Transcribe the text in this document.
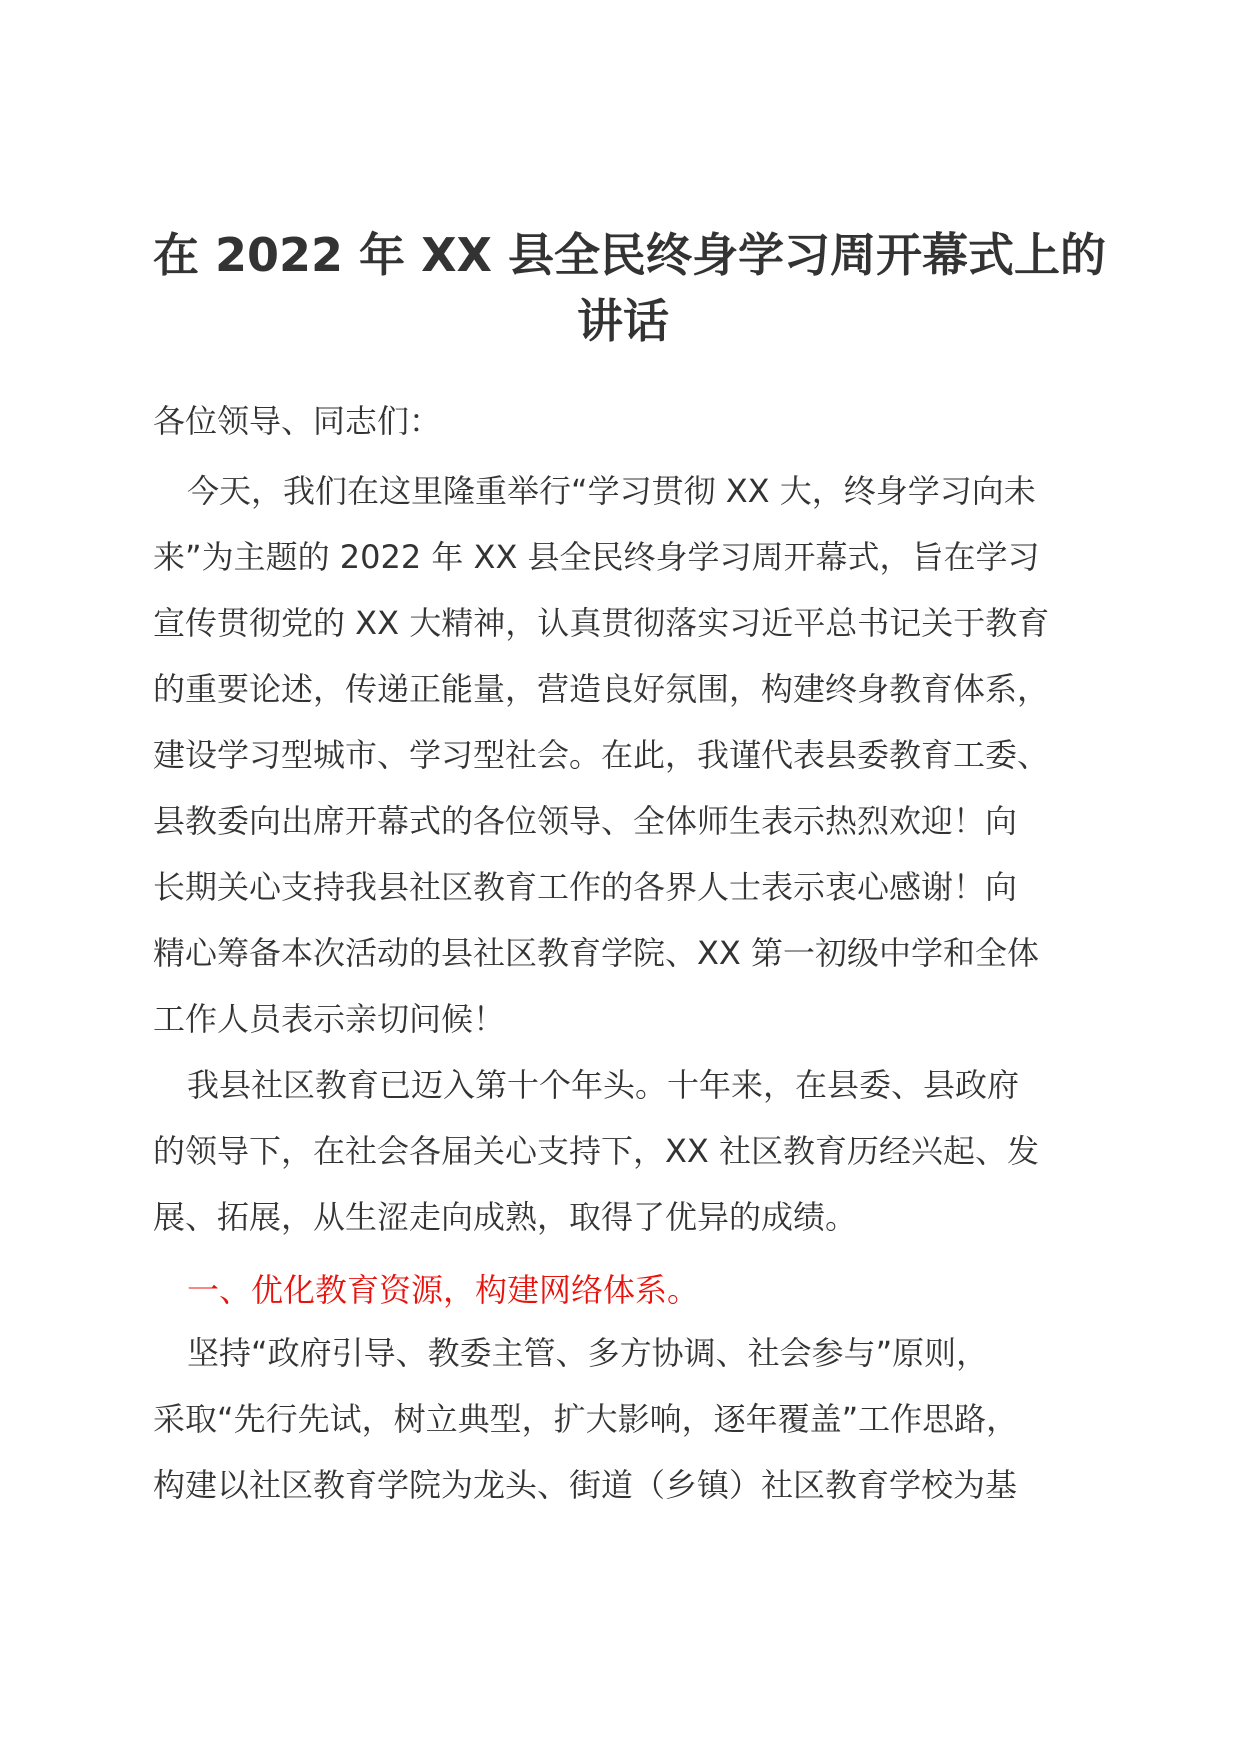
在 2022 年 XX 县全民终身学习周开幕式上的
讲话

各位领导、同志们：

今天，我们在这里隆重举行“学习贯彻 XX 大，终身学习向未
来”为主题的 2022 年 XX 县全民终身学习周开幕式，旨在学习
宣传贯彻党的 XX 大精神，认真贯彻落实习近平总书记关于教育
的重要论述，传递正能量，营造良好氛围，构建终身教育体系，
建设学习型城市、学习型社会。在此，我谨代表县委教育工委、
县教委向出席开幕式的各位领导、全体师生表示热烈欢迎！向
长期关心支持我县社区教育工作的各界人士表示衷心感谢！向
精心筹备本次活动的县社区教育学院、XX 第一初级中学和全体
工作人员表示亲切问候！

我县社区教育已迈入第十个年头。十年来，在县委、县政府
的领导下，在社会各届关心支持下，XX 社区教育历经兴起、发
展、拓展，从生涩走向成熟，取得了优异的成绩。

一、优化教育资源，构建网络体系。

坚持“政府引导、教委主管、多方协调、社会参与”原则，
采取“先行先试，树立典型，扩大影响，逐年覆盖”工作思路，
构建以社区教育学院为龙头、街道（乡镇）社区教育学校为基
